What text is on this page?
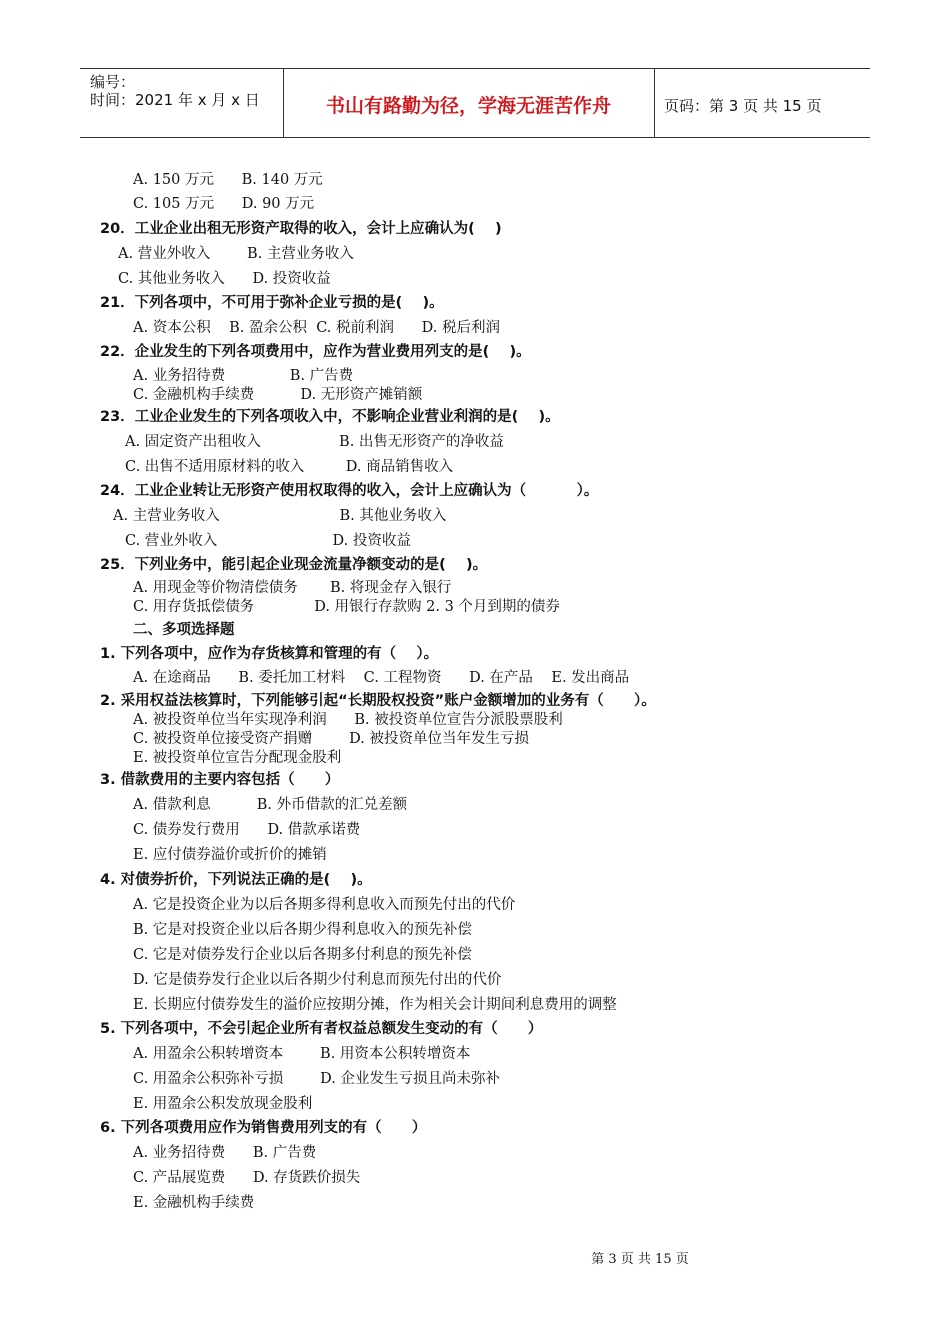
编号：
时间：2021 年 x 月 x 日	书山有路勤为径，学海无涯苦作舟	页码：第 3 页 共 15 页
A. 150 万元      B. 140 万元
C. 105 万元      D. 90 万元
20．工业企业出租无形资产取得的收入，会计上应确认为(    )
A. 营业外收入        B. 主营业务收入
C. 其他业务收入      D. 投资收益
21．下列各项中，不可用于弥补企业亏损的是(    )。
A. 资本公积    B. 盈余公积  C. 税前利润      D. 税后利润
22．企业发生的下列各项费用中，应作为营业费用列支的是(    )。
A. 业务招待费              B. 广告费
C. 金融机构手续费          D. 无形资产摊销额
23．工业企业发生的下列各项收入中，不影响企业营业利润的是(    )。
A. 固定资产出租收入                 B. 出售无形资产的净收益
C. 出售不适用原材料的收入         D. 商品销售收入
24．工业企业转让无形资产使用权取得的收入，会计上应确认为（          ）。
A. 主营业务收入                          B. 其他业务收入
C. 营业外收入                         D. 投资收益
25．下列业务中，能引起企业现金流量净额变动的是(    )。
A. 用现金等价物清偿债务       B. 将现金存入银行
C. 用存货抵偿债务             D. 用银行存款购 2. 3 个月到期的债券
二、多项选择题
1. 下列各项中，应作为存货核算和管理的有（    ）。
A. 在途商品      B. 委托加工材料    C. 工程物资      D. 在产品    E. 发出商品
2. 采用权益法核算时，下列能够引起“长期股权投资”账户金额增加的业务有（      ）。
A. 被投资单位当年实现净利润      B. 被投资单位宣告分派股票股利
C. 被投资单位接受资产捐赠        D. 被投资单位当年发生亏损
E. 被投资单位宣告分配现金股利
3. 借款费用的主要内容包括（      ）
A. 借款利息          B. 外币借款的汇兑差额
C. 债券发行费用      D. 借款承诺费
E. 应付债券溢价或折价的摊销
4. 对债券折价，下列说法正确的是(    )。
A. 它是投资企业为以后各期多得利息收入而预先付出的代价
B. 它是对投资企业以后各期少得利息收入的预先补偿
C. 它是对债券发行企业以后各期多付利息的预先补偿
D. 它是债券发行企业以后各期少付利息而预先付出的代价
E. 长期应付债券发生的溢价应按期分摊，作为相关会计期间利息费用的调整
5. 下列各项中，不会引起企业所有者权益总额发生变动的有（      ）
A. 用盈余公积转增资本        B. 用资本公积转增资本
C. 用盈余公积弥补亏损        D. 企业发生亏损且尚未弥补
E. 用盈余公积发放现金股利
6. 下列各项费用应作为销售费用列支的有（      ）
A. 业务招待费      B. 广告费
C. 产品展览费      D. 存货跌价损失
E. 金融机构手续费
第 3 页 共 15 页
